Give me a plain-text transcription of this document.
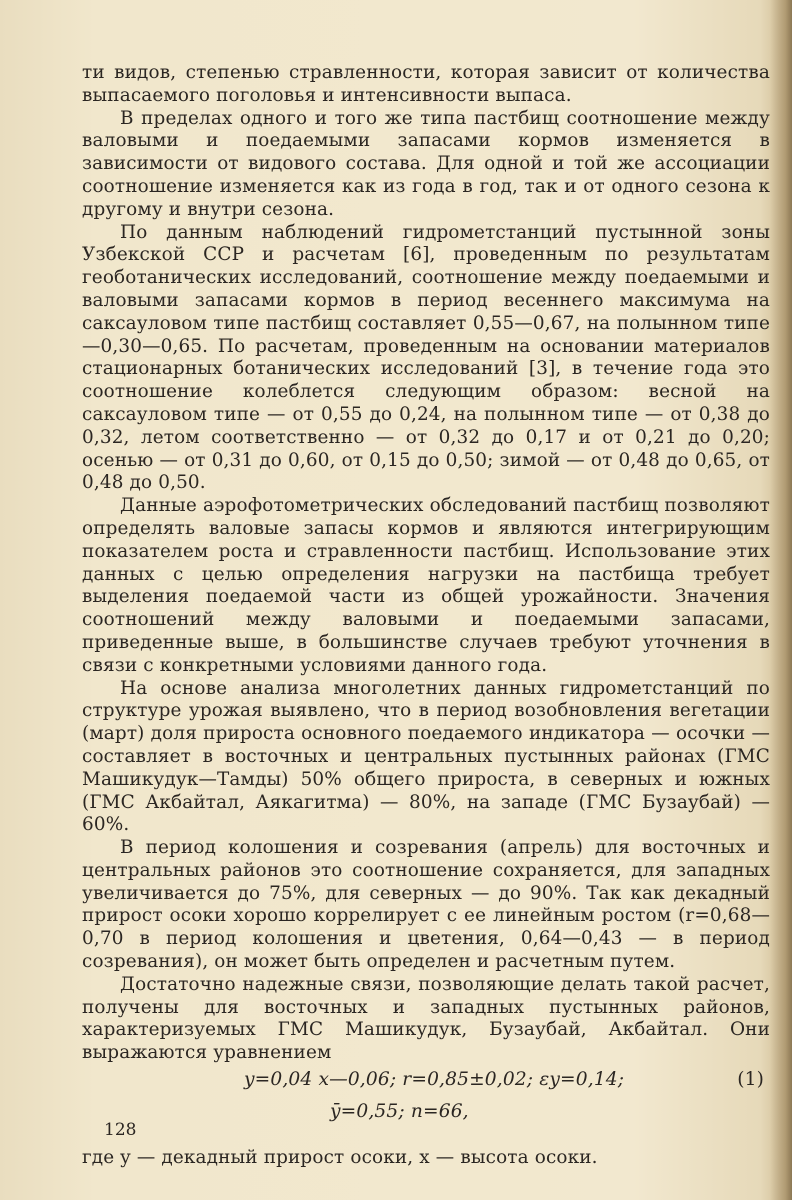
ти видов, степенью стравленности, которая зависит от количества выпасаемого поголовья и интенсивности выпаса.

В пределах одного и того же типа пастбищ соотношение между валовыми и поедаемыми запасами кормов изменяется в зависимости от видового состава. Для одной и той же ассоциации соотношение изменяется как из года в год, так и от одного сезона к другому и внутри сезона.

По данным наблюдений гидрометстанций пустынной зоны Узбекской ССР и расчетам [6], проведенным по результатам геоботанических исследований, соотношение между поедаемыми и валовыми запасами кормов в период весеннего максимума на саксауловом типе пастбищ составляет 0,55—0,67, на полынном типе—0,30—0,65. По расчетам, проведенным на основании материалов стационарных ботанических исследований [3], в течение года это соотношение колеблется следующим образом: весной на саксауловом типе — от 0,55 до 0,24, на полынном типе — от 0,38 до 0,32, летом соответственно — от 0,32 до 0,17 и от 0,21 до 0,20; осенью — от 0,31 до 0,60, от 0,15 до 0,50; зимой — от 0,48 до 0,65, от 0,48 до 0,50.

Данные аэрофотометрических обследований пастбищ позволяют определять валовые запасы кормов и являются интегрирующим показателем роста и стравленности пастбищ. Использование этих данных с целью определения нагрузки на пастбища требует выделения поедаемой части из общей урожайности. Значения соотношений между валовыми и поедаемыми запасами, приведенные выше, в большинстве случаев требуют уточнения в связи с конкретными условиями данного года.

На основе анализа многолетних данных гидрометстанций по структуре урожая выявлено, что в период возобновления вегетации (март) доля прироста основного поедаемого индикатора — осочки — составляет в восточных и центральных пустынных районах (ГМС Машикудук—Тамды) 50% общего прироста, в северных и южных (ГМС Акбайтал, Аякагитма) — 80%, на западе (ГМС Бузаубай) — 60%.

В период колошения и созревания (апрель) для восточных и центральных районов это соотношение сохраняется, для западных увеличивается до 75%, для северных — до 90%. Так как декадный прирост осоки хорошо коррелирует с ее линейным ростом (r=0,68—0,70 в период колошения и цветения, 0,64—0,43 — в период созревания), он может быть определен и расчетным путем.

Достаточно надежные связи, позволяющие делать такой расчет, получены для восточных и западных пустынных районов, характеризуемых ГМС Машикудук, Бузаубай, Акбайтал. Они выражаются уравнением

y=0,04 x—0,06; r=0,85±0,02; εy=0,14;	(1)
ȳ=0,55; n=66,

где y — декадный прирост осоки, x — высота осоки.

128
